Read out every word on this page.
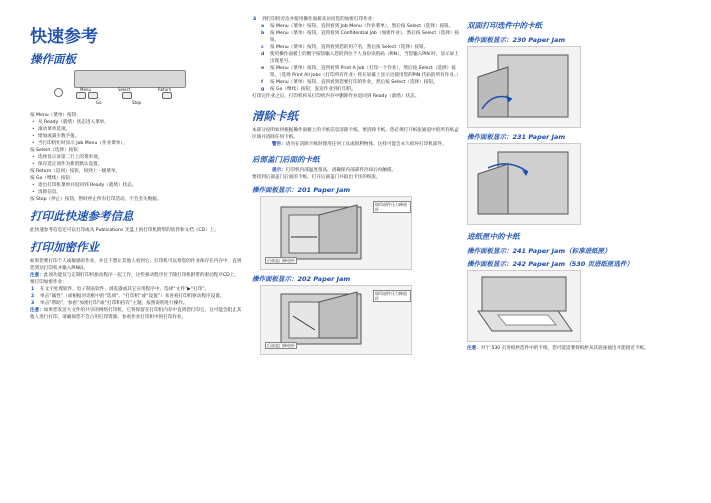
快速参考
操作面板
Menu	Select	Return
Go	Stop

按 Menu（菜单）按钮：

• 从 Ready（就绪）状态进入菜单。

• 滚动菜单选项。

• 增加或减少数字值。

• 当打印机忙时显示 Job Menu（作业菜单）。

按 Select（选择）按钮：

• 选择显示屏第二行上的菜单项。

• 保存选定项作为新的默认设置。

按 Return（返回）按钮，回到上一级菜单。

按 Go（继续）按钮：

• 退出打印机菜单并返回到 Ready（就绪）状态。

• 清除信息。

按 Stop（停止）按钮，暂时停止所有打印活动，不会丢失数据。

打印此快速参考信息

此快速参考信息还可以打印或从 Publications 光盘上的打印机附带的软件和文档（CD）上。

打印加密作业

如果您要打印个人或敏感的作业，并且不想让其他人看到它，打印机可以将您的作业保存在内存中，直到您到达打印机并输入PIN码。

注意：此项功能仅与定制打印机驱动程序一起工作，这些驱动程序位于随打印机附带的驱动程序CD上。

要打印加密作业：

1 在文字处理软件、电子制表软件、浏览器或其它应用程序中，选择“文件”▶“打印”。

2 单击“属性”（或根据对话框中的“选项”、“打印机”或“设置”）来查看打印机驱动程序设置。

3 单击“帮助”，参看“加密打印”或“打印和持有”主题，按照说明进行操作。

注意：如果您发送大文件的共享的网络打印机，它将保留在打印机内存中直到您打印它。这可能会阻止其他人进行打印，请确保您不会占用打印资源。参看作业打印机中的打印作业。

4 到打印机旁边并使用操作面板来访问您的加密打印作业：

a 按 Menu（菜单）按钮，直到看到 Job Menu（作业菜单），然后按 Select（选择）按钮。

b 按 Menu（菜单）按钮，直到看到 Confidential Job（加密作业），然后按 Select（选择）按钮。

c 按 Menu（菜单）按钮，直到看到您的用户名，然后按 Select（选择）按钮。

d 使用操作面板上的数字按钮输入您的四位个人身份识别码（PIN），当您输入PIN 时，显示屏上出现星号。

e 按 Menu（菜单）按钮，直到看到 Print A Job（打印一个作业），然后按 Select（选择）按钮。（选择 Print All Jobs（打印所有作业）将在屏幕上显示出使用您的PIN 代码的所有作业。）

f 按 Menu（菜单）按钮，直到看到您要打印的作业，然后按 Select（选择）按钮。

g 按 Go（继续）按钮，发送作业到打印机。

打印完作业之后，打印机将从打印机内存中删除作业返回到 Ready（就绪）状态。

清除卡纸

本部分说明如何根据操作面板上的卡纸信息清除卡纸。要清除卡纸，您必须打开纸张通道中的所有纸盒区域并清除任何卡纸。

警告：请勿在清除卡纸时使用任何工具或锐利物体。这样可能会永久损坏打印机部件。

后部盖门后面的卡纸

提示：打印机内部温度很高，请确保内部部件冷却后再触摸。

要找到后部盖门后面的卡纸，打开后部盖门并取出卡住的纸张。

操作面板显示：201 Paper Jam
熔印部件压力释放杆
后部盖门释放杆
操作面板显示：202 Paper Jam
熔印部件压力释放杆
后部盖门释放杆
双面打印选件中的卡纸
操作面板显示：230 Paper Jam
操作面板显示：231 Paper Jam
进纸匣中的卡纸
操作面板显示：241 Paper Jam（标准进纸匣）
操作面板显示：242 Paper Jam（530 页进纸匣选件）

注意：对于 530 页进纸匣选件中的卡纸，您可能需要将纸匣从其底座抽出才能接近卡纸。
